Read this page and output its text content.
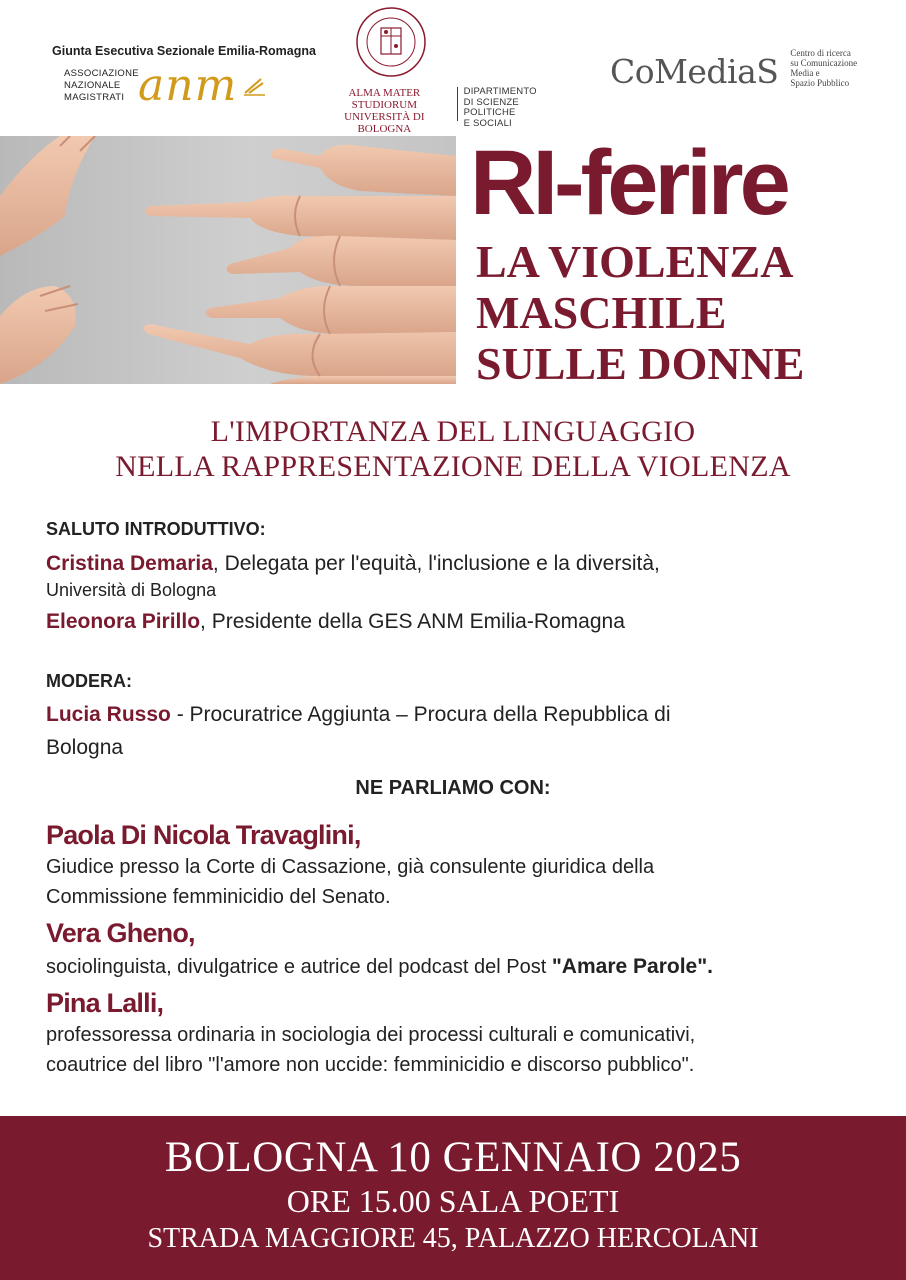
Giunta Esecutiva Sezionale Emilia-Romagna
ASSOCIAZIONE
NAZIONALE
MAGISTRATI anm	ALMA MATER STUDIORUM
UNIVERSITÀ DI BOLOGNA
DIPARTIMENTO
DI SCIENZE POLITICHE
E SOCIALI
CoMediaS Centro di ricerca
su Comunicazione
Media e
Spazio Pubblico
RI-ferire
LA VIOLENZA
MASCHILE
SULLE DONNE
L'IMPORTANZA DEL LINGUAGGIO
NELLA RAPPRESENTAZIONE DELLA VIOLENZA
SALUTO INTRODUTTIVO:
Cristina Demaria, Delegata per l'equità, l'inclusione e la diversità,
Università di Bologna
Eleonora Pirillo, Presidente della GES ANM Emilia-Romagna
MODERA:
Lucia Russo - Procuratrice Aggiunta – Procura della Repubblica di
Bologna
NE PARLIAMO CON:
Paola Di Nicola Travaglini,
Giudice presso la Corte di Cassazione, già consulente giuridica della
Commissione femminicidio del Senato.
Vera Gheno,
sociolinguista, divulgatrice e autrice del podcast del Post "Amare Parole".
Pina Lalli,
professoressa ordinaria in sociologia dei processi culturali e comunicativi,
coautrice del libro "l'amore non uccide: femminicidio e discorso pubblico".
BOLOGNA 10 GENNAIO 2025
ORE 15.00 SALA POETI
STRADA MAGGIORE 45, PALAZZO HERCOLANI
